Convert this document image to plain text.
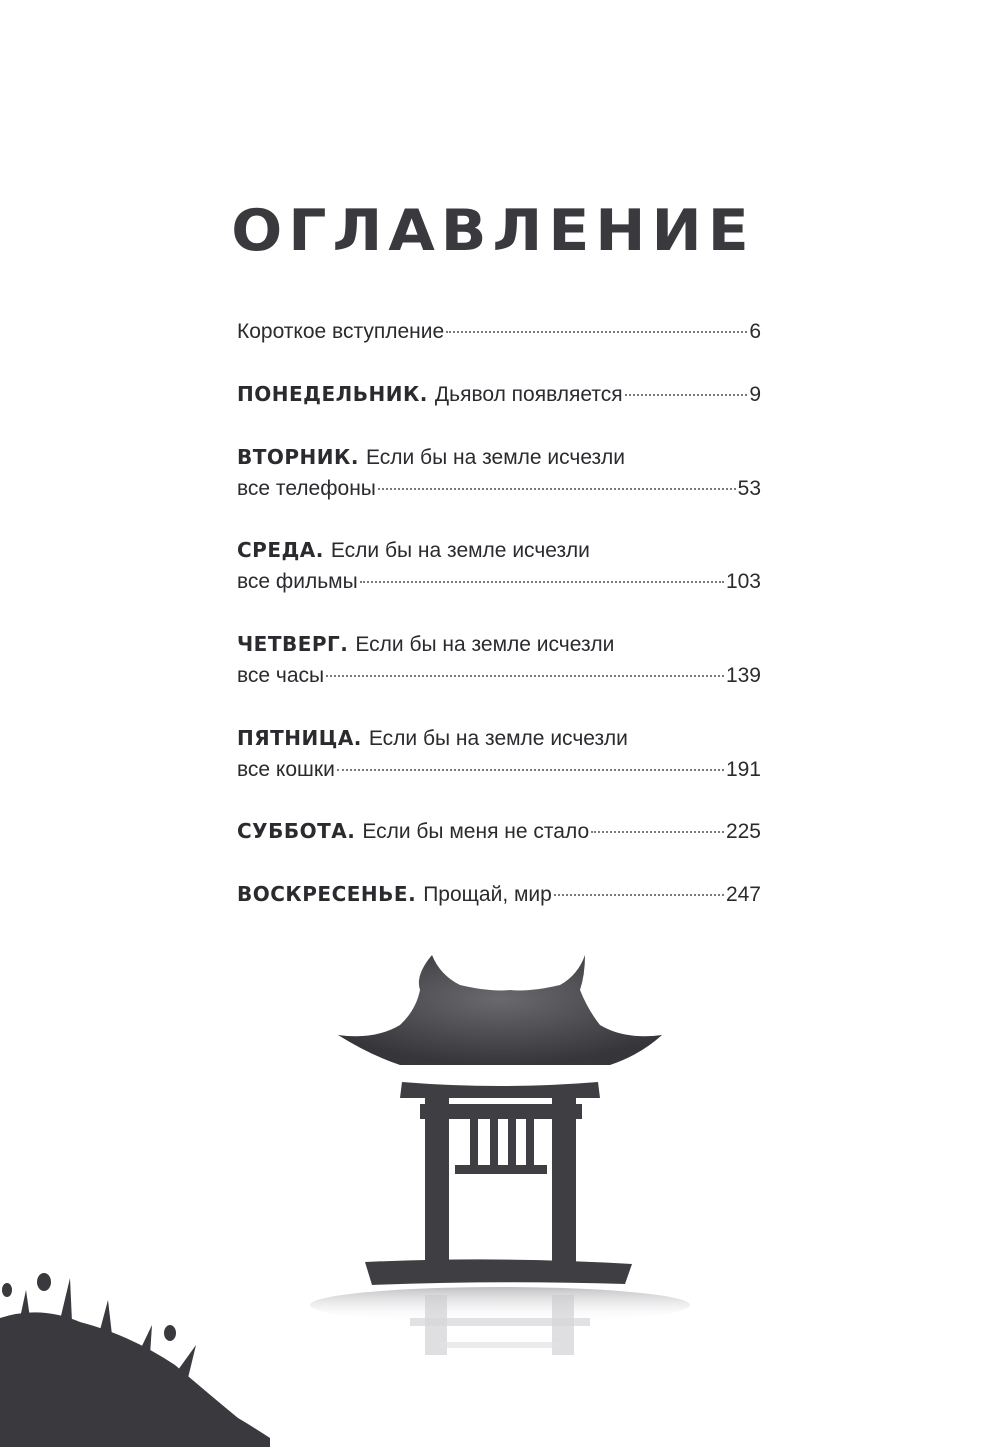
ОГЛАВЛЕНИЕ
Короткое вступление	6
ПОНЕДЕЛЬНИК. Дьявол появляется	9
ВТОРНИК. Если бы на земле исчезли
все телефоны	53
СРЕДА. Если бы на земле исчезли
все фильмы	103
ЧЕТВЕРГ. Если бы на земле исчезли
все часы	139
ПЯТНИЦА. Если бы на земле исчезли
все кошки	191
СУББОТА. Если бы меня не стало	225
ВОСКРЕСЕНЬЕ. Прощай, мир	247
